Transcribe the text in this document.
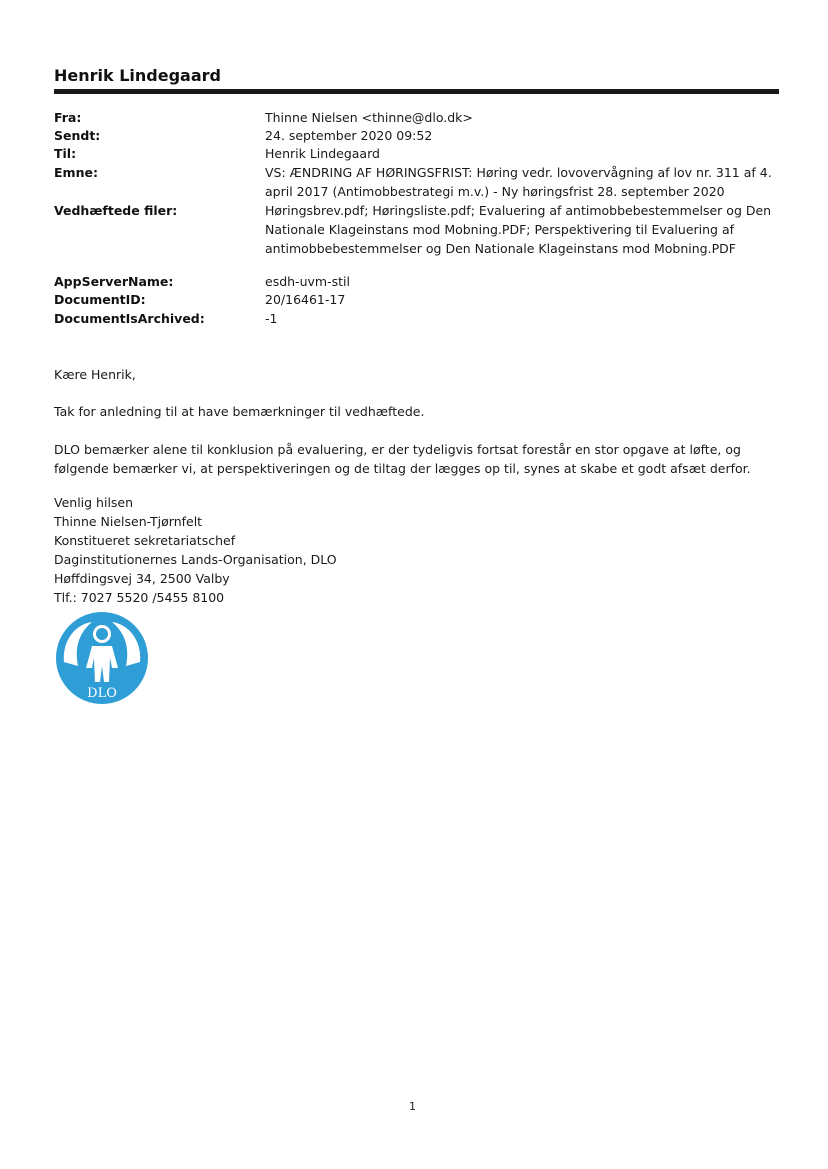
Henrik Lindegaard
Fra:	Thinne Nielsen <thinne@dlo.dk>
Sendt:	24. september 2020 09:52
Til:	Henrik Lindegaard
Emne:	VS: ÆNDRING AF HØRINGSFRIST: Høring vedr. lovovervågning af lov nr. 311 af 4.
april 2017 (Antimobbestrategi m.v.) - Ny høringsfrist 28. september 2020
Vedhæftede filer:	Høringsbrev.pdf; Høringsliste.pdf; Evaluering af antimobbebestemmelser og Den
Nationale Klageinstans mod Mobning.PDF; Perspektivering til Evaluering af
antimobbebestemmelser og Den Nationale Klageinstans mod Mobning.PDF
AppServerName:	esdh-uvm-stil
DocumentID:	20/16461-17
DocumentIsArchived:	-1
Kære Henrik,
Tak for anledning til at have bemærkninger til vedhæftede.
DLO bemærker alene til konklusion på evaluering, er der tydeligvis fortsat forestår en stor opgave at løfte, og
følgende bemærker vi, at perspektiveringen og de tiltag der lægges op til, synes at skabe et godt afsæt derfor.
Venlig hilsen
Thinne Nielsen-Tjørnfelt
Konstitueret sekretariatschef
Daginstitutionernes Lands-Organisation, DLO
Høffdingsvej 34, 2500 Valby
Tlf.: 7027 5520 /5455 8100
DLO
1
